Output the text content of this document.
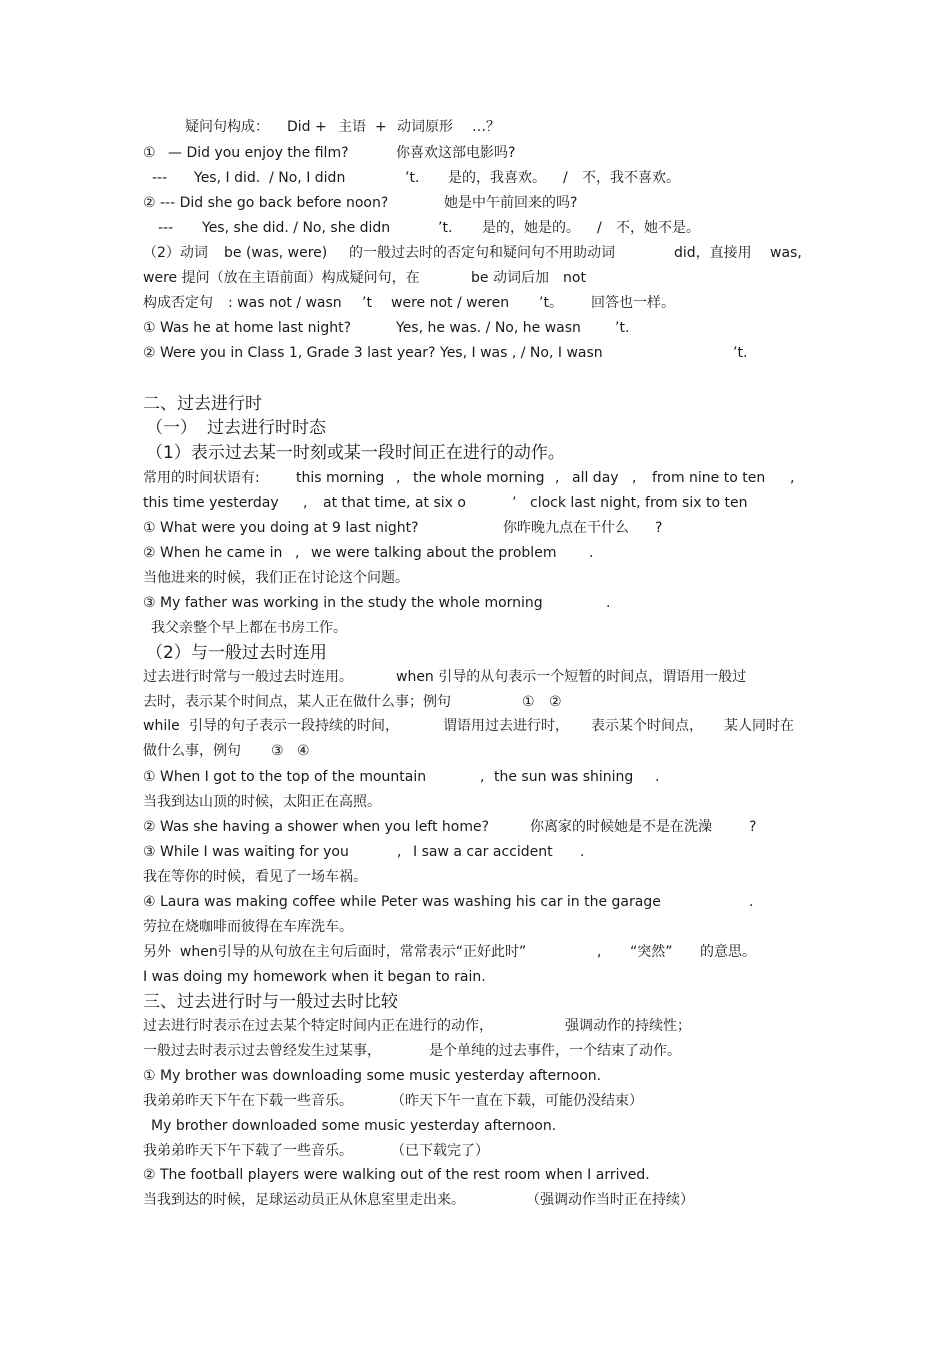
疑问句构成： Did + 主语 + 动词原形 …？
① — Did you enjoy the film?	你喜欢这部电影吗?
--- Yes, I did.  / No, I didn	’t. 是的，我喜欢。 / 不，我不喜欢。
② --- Did she go back before noon?	她是中午前回来的吗?
--- Yes, she did. / No, she didn	’t. 是的，她是的。 / 不，她不是。
（2）动词 be (was, were) 的一般过去时的否定句和疑问句不用助动词	did，直接用 was,
were 提问（放在主语前面）构成疑问句，在	be 动词后加 not
构成否定句 : was not / wasn ’t were not / weren ’t。 回答也一样。
① Was he at home last night?	Yes, he was. / No, he wasn ’t.
② Were you in Class 1, Grade 3 last year? Yes, I was , / No, I wasn	’t.
二、过去进行时
（一） 过去进行时时态
（1）表示过去某一时刻或某一段时间正在进行的动作。
常用的时间状语有:	this morning , the whole morning , all day , from nine to ten ,
this time yesterday , at that time, at six o	’ clock last night, from six to ten
① What were you doing at 9 last night?	你昨晚九点在干什么 ?
② When he came in , we were talking about the problem .
当他进来的时候，我们正在讨论这个问题。
③ My father was working in the study the whole morning	.
我父亲整个早上都在书房工作。
（2）与一般过去时连用
过去进行时常与一般过去时连用。	when 引导的从句表示一个短暂的时间点，谓语用一般过
去时，表示某个时间点，某人正在做什么事；例句	① ②
while 引导的句子表示一段持续的时间，	谓语用过去进行时， 表示某个时间点， 某人同时在
做什么事，例句 ③ ④
① When I got to the top of the mountain	, the sun was shining .
当我到达山顶的时候，太阳正在高照。
② Was she having a shower when you left home?	你离家的时候她是不是在洗澡	?
③ While I was waiting for you	, I saw a car accident .
我在等你的时候，看见了一场车祸。
④ Laura was making coffee while Peter was washing his car in the garage	.
劳拉在烧咖啡而彼得在车库洗车。
另外  when引导的从句放在主句后面时，常常表示“正好此时”	, “突然” 的意思。
I was doing my homework when it began to rain.
三、过去进行时与一般过去时比较
过去进行时表示在过去某个特定时间内正在进行的动作，	强调动作的持续性；
一般过去时表示过去曾经发生过某事，	是个单纯的过去事件，一个结束了动作。
① My brother was downloading some music yesterday afternoon.
我弟弟昨天下午在下载一些音乐。	（昨天下午一直在下载，可能仍没结束）
My brother downloaded some music yesterday afternoon.
我弟弟昨天下午下载了一些音乐。	（已下载完了）
② The football players were walking out of the rest room when I arrived.
当我到达的时候，足球运动员正从休息室里走出来。	（强调动作当时正在持续）
